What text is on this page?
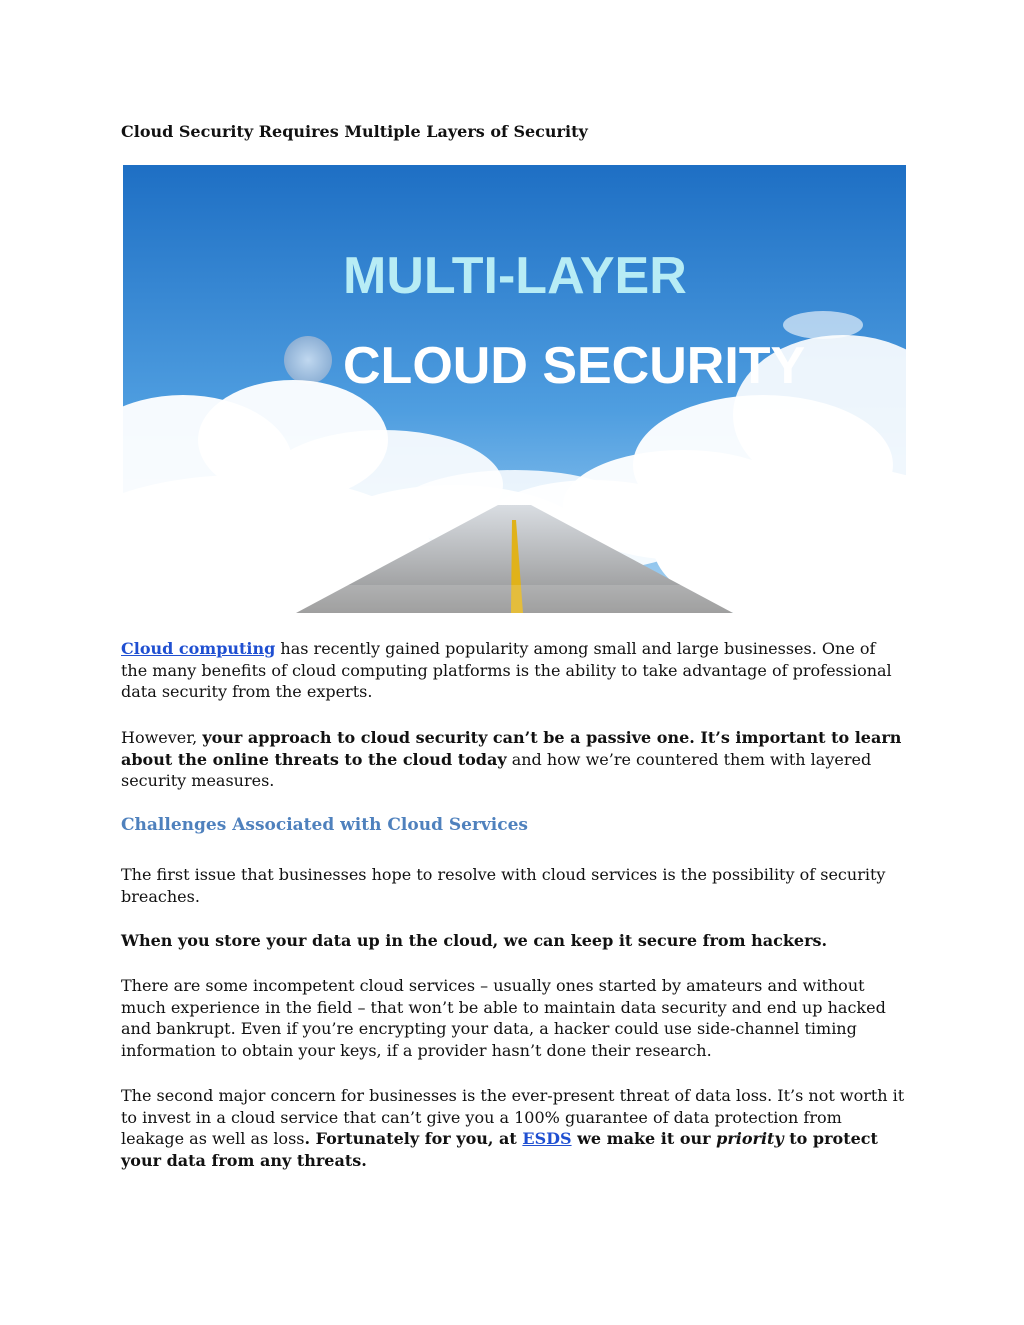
Cloud Security Requires Multiple Layers of Security
MULTI-LAYER
CLOUD SECURITY

Cloud computing has recently gained popularity among small and large businesses. One of the many benefits of cloud computing platforms is the ability to take advantage of professional data security from the experts.

However, your approach to cloud security can’t be a passive one. It’s important to learn about the online threats to the cloud today and how we’re countered them with layered security measures.

Challenges Associated with Cloud Services

The first issue that businesses hope to resolve with cloud services is the possibility of security breaches.

When you store your data up in the cloud, we can keep it secure from hackers.

There are some incompetent cloud services – usually ones started by amateurs and without much experience in the field – that won’t be able to maintain data security and end up hacked and bankrupt. Even if you’re encrypting your data, a hacker could use side-channel timing information to obtain your keys, if a provider hasn’t done their research.

The second major concern for businesses is the ever-present threat of data loss. It’s not worth it to invest in a cloud service that can’t give you a 100% guarantee of data protection from leakage as well as loss. Fortunately for you, at ESDS we make it our priority to protect your data from any threats.
